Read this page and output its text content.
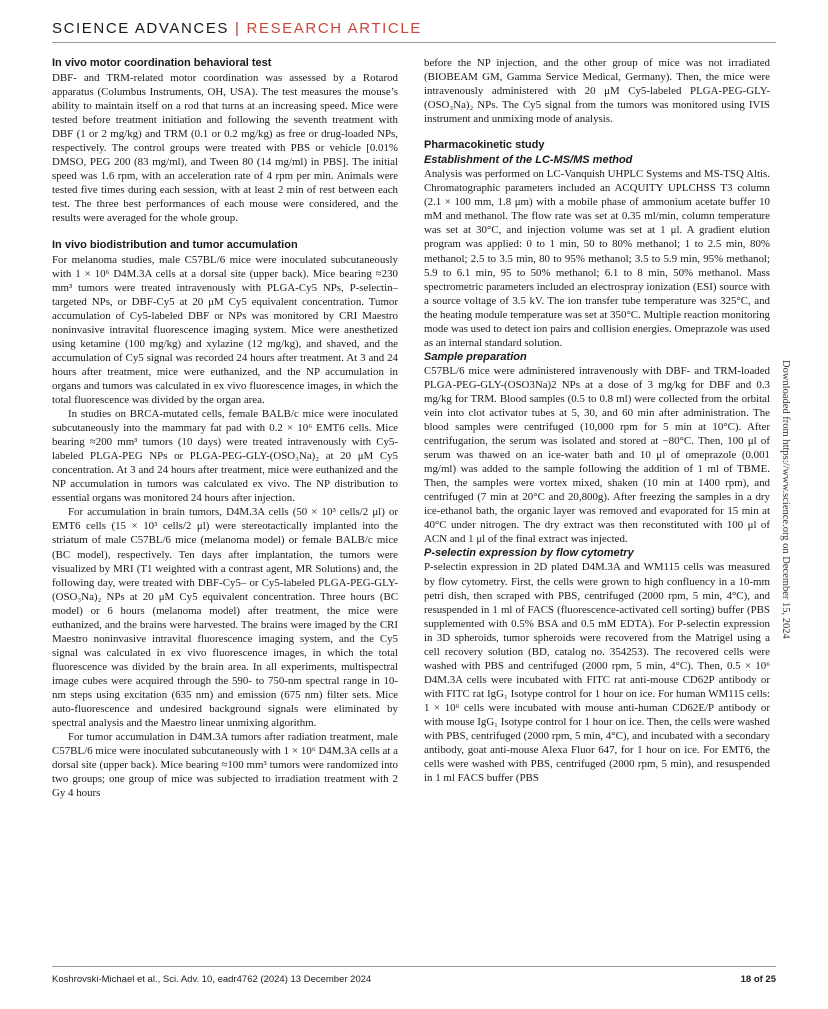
SCIENCE ADVANCES | RESEARCH ARTICLE
In vivo motor coordination behavioral test

DBF- and TRM-related motor coordination was assessed by a Rotarod apparatus (Columbus Instruments, OH, USA). The test measures the mouse’s ability to maintain itself on a rod that turns at an increasing speed. Mice were tested before treatment initiation and following the seventh treatment with DBF (1 or 2 mg/kg) and TRM (0.1 or 0.2 mg/kg) as free or drug-loaded NPs, respectively. The control groups were treated with PBS or vehicle [0.01% DMSO, PEG 200 (83 mg/ml), and Tween 80 (14 mg/ml) in PBS]. The initial speed was 1.6 rpm, with an acceleration rate of 4 rpm per min. Animals were tested five times during each session, with at least 2 min of rest between each test. The three best performances of each mouse were considered, and the results were averaged for the whole group.

In vivo biodistribution and tumor accumulation

For melanoma studies, male C57BL/6 mice were inoculated subcutaneously with 1 × 10⁶ D4M.3A cells at a dorsal site (upper back). Mice bearing ≈230 mm³ tumors were treated intravenously with PLGA-Cy5 NPs, P-selectin–targeted NPs, or DBF-Cy5 at 20 μM Cy5 equivalent concentration. Tumor accumulation of Cy5-labeled DBF or NPs was monitored by CRI Maestro noninvasive intravital fluorescence imaging system. Mice were anesthetized using ketamine (100 mg/kg) and xylazine (12 mg/kg), and shaved, and the accumulation of Cy5 signal was recorded 24 hours after treatment. At 3 and 24 hours after treatment, mice were euthanized, and the NP accumulation in organs and tumors was calculated in ex vivo fluorescence images, in which the total fluorescence was divided by the organ area.

In studies on BRCA-mutated cells, female BALB/c mice were inoculated subcutaneously into the mammary fat pad with 0.2 × 10⁶ EMT6 cells. Mice bearing ≈200 mm³ tumors (10 days) were treated intravenously with Cy5-labeled PLGA-PEG NPs or PLGA-PEG-GLY-(OSO₃Na)₂ at 20 μM Cy5 concentration. At 3 and 24 hours after treatment, mice were euthanized and the NP accumulation in tumors was calculated ex vivo. The NP distribution to essential organs was monitored 24 hours after injection.

For accumulation in brain tumors, D4M.3A cells (50 × 10³ cells/2 μl) or EMT6 cells (15 × 10³ cells/2 μl) were stereotactically implanted into the striatum of male C57BL/6 mice (melanoma model) or female BALB/c mice (BC model), respectively. Ten days after implantation, the tumors were visualized by MRI (T1 weighted with a contrast agent, MR Solutions) and, the following day, were treated with DBF-Cy5– or Cy5-labeled PLGA-PEG-GLY-(OSO₃Na)₂ NPs at 20 μM Cy5 equivalent concentration. Three hours (BC model) or 6 hours (melanoma model) after treatment, the mice were euthanized, and the brains were harvested. The brains were imaged by the CRI Maestro noninvasive intravital fluorescence imaging system, and the Cy5 signal was calculated in ex vivo fluorescence images, in which the total fluorescence was divided by the brain area. In all experiments, multispectral image cubes were acquired through the 590- to 750-nm spectral range in 10-nm steps using excitation (635 nm) and emission (675 nm) filter sets. Mice auto-fluorescence and undesired background signals were eliminated by spectral analysis and the Maestro linear unmixing algorithm.

For tumor accumulation in D4M.3A tumors after radiation treatment, male C57BL/6 mice were inoculated subcutaneously with 1 × 10⁶ D4M.3A cells at a dorsal site (upper back). Mice bearing ≈100 mm³ tumors were randomized into two groups; one group of mice was subjected to irradiation treatment with 2 Gy 4 hours

before the NP injection, and the other group of mice was not irradiated (BIOBEAM GM, Gamma Service Medical, Germany). Then, the mice were intravenously administered with 20 μM Cy5-labeled PLGA-PEG-GLY-(OSO₃Na)₂ NPs. The Cy5 signal from the tumors was monitored using IVIS instrument and unmixing mode of analysis.

Pharmacokinetic study
Establishment of the LC-MS/MS method

Analysis was performed on LC-Vanquish UHPLC Systems and MS-TSQ Altis. Chromatographic parameters included an ACQUITY UPLCHSS T3 column (2.1 × 100 mm, 1.8 μm) with a mobile phase of ammonium acetate buffer 10 mM and methanol. The flow rate was set at 0.35 ml/min, column temperature was set at 30°C, and injection volume was set at 1 μl. A gradient elution program was applied: 0 to 1 min, 50 to 80% methanol; 1 to 2.5 min, 80% methanol; 2.5 to 3.5 min, 80 to 95% methanol; 3.5 to 5.9 min, 95% methanol; 5.9 to 6.1 min, 95 to 50% methanol; 6.1 to 8 min, 50% methanol. Mass spectrometric parameters included an electrospray ionization (ESI) source with a source voltage of 3.5 kV. The ion transfer tube temperature was 325°C, and the heating module temperature was set at 350°C. Multiple reaction monitoring mode was used to detect ion pairs and collision energies. Omeprazole was used as an internal standard solution.

Sample preparation

C57BL/6 mice were administered intravenously with DBF- and TRM-loaded PLGA-PEG-GLY-(OSO3Na)2 NPs at a dose of 3 mg/kg for DBF and 0.3 mg/kg for TRM. Blood samples (0.5 to 0.8 ml) were collected from the orbital vein into clot activator tubes at 5, 30, and 60 min after administration. The blood samples were centrifuged (10,000 rpm for 5 min at 10°C). After centrifugation, the serum was isolated and stored at −80°C. Then, 100 μl of serum was thawed on an ice-water bath and 10 μl of omeprazole (0.001 mg/ml) was added to the sample following the addition of 1 ml of TBME. Then, the samples were vortex mixed, shaken (10 min at 1400 rpm), and centrifuged (7 min at 20°C and 20,800g). After freezing the samples in a dry ice-ethanol bath, the organic layer was removed and evaporated for 15 min at 40°C under nitrogen. The dry extract was then reconstituted with 100 μl of ACN and 1 μl of the final extract was injected.

P-selectin expression by flow cytometry

P-selectin expression in 2D plated D4M.3A and WM115 cells was measured by flow cytometry. First, the cells were grown to high confluency in a 10-mm petri dish, then scraped with PBS, centrifuged (2000 rpm, 5 min, 4°C), and resuspended in 1 ml of FACS (fluorescence-activated cell sorting) buffer (PBS supplemented with 0.5% BSA and 0.5 mM EDTA). For P-selectin expression in 3D spheroids, tumor spheroids were recovered from the Matrigel using a cell recovery solution (BD, catalog no. 354253). The recovered cells were washed with PBS and centrifuged (2000 rpm, 5 min, 4°C). Then, 0.5 × 10⁶ D4M.3A cells were incubated with FITC rat anti-mouse CD62P antibody or with FITC rat IgG₁ Isotype control for 1 hour on ice. For human WM115 cells: 1 × 10⁶ cells were incubated with mouse anti-human CD62E/P antibody or with mouse IgG₁ Isotype control for 1 hour on ice. Then, the cells were washed with PBS, centrifuged (2000 rpm, 5 min, 4°C), and incubated with a secondary antibody, goat anti-mouse Alexa Fluor 647, for 1 hour on ice. For EMT6, the cells were washed with PBS, centrifuged (2000 rpm, 5 min), and resuspended in 1 ml FACS buffer (PBS

Downloaded from https://www.science.org on December 15, 2024
Koshrovski-Michael et al., Sci. Adv. 10, eadr4762 (2024) 13 December 2024	18 of 25
